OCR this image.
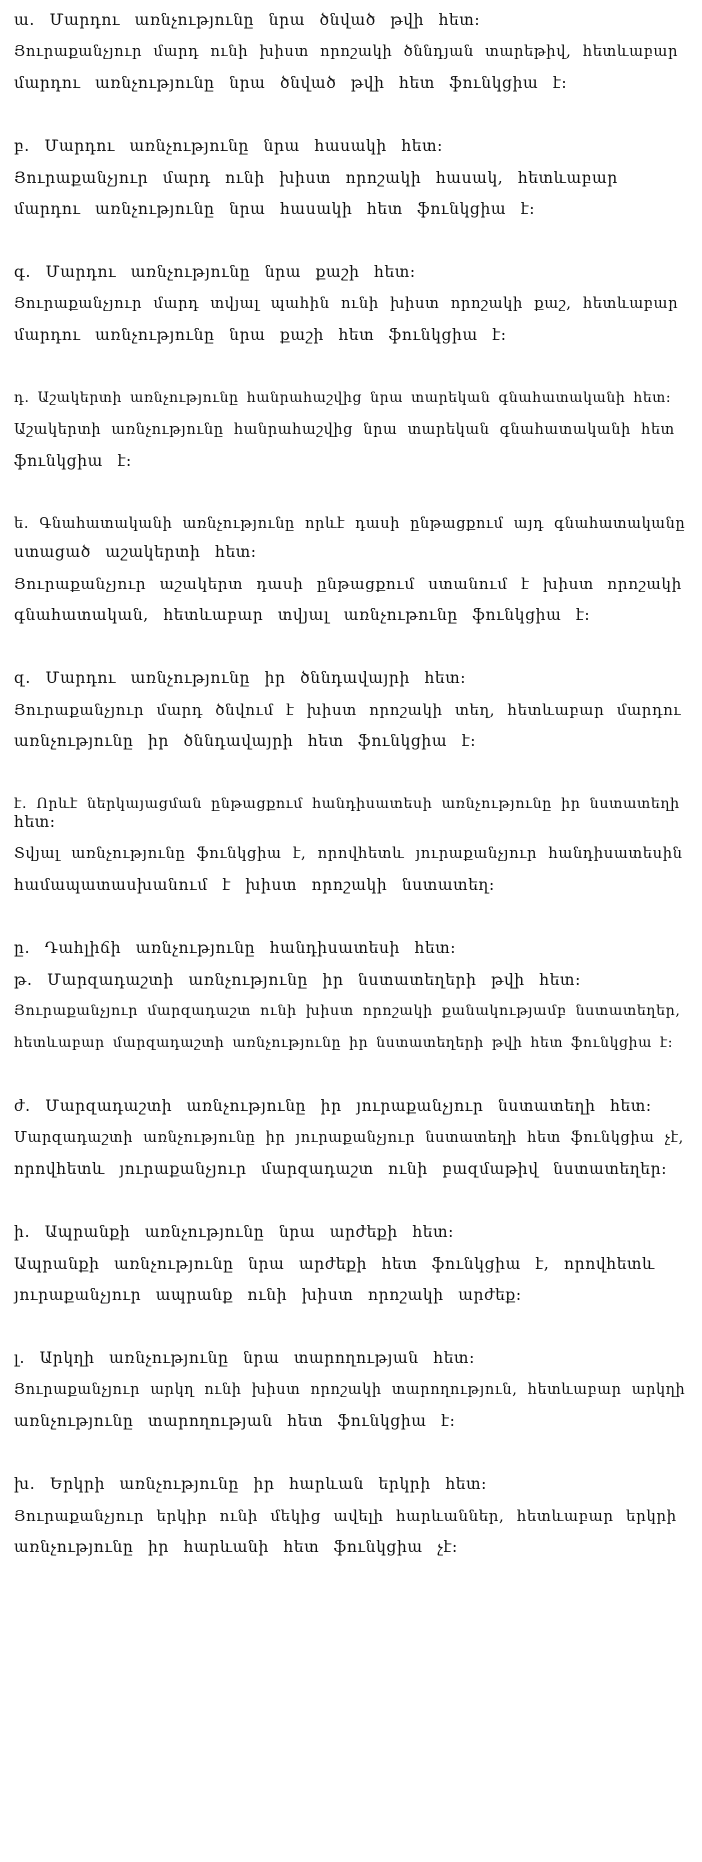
ա․ Մարդու առնչությունը նրա ծնված թվի հետ:
Յուրաքանչյուր մարդ ունի խիստ որոշակի ծննդյան տարեթիվ, հետևաբար
մարդու առնչությունը նրա ծնված թվի հետ ֆունկցիա է:
բ․ Մարդու առնչությունը նրա հասակի հետ:
Յուրաքանչյուր մարդ ունի խիստ որոշակի հասակ, հետևաբար
մարդու առնչությունը նրա հասակի հետ ֆունկցիա է:
գ․ Մարդու առնչությունը նրա քաշի հետ:
Յուրաքանչյուր մարդ տվյալ պահին ունի խիստ որոշակի քաշ, հետևաբար
մարդու առնչությունը նրա քաշի հետ ֆունկցիա է:
դ․ Աշակերտի առնչությունը հանրահաշվից նրա տարեկան գնահատականի հետ:
Աշակերտի առնչությունը հանրահաշվից նրա տարեկան գնահատականի հետ
ֆունկցիա է:
ե․ Գնահատականի առնչությունը որևէ դասի ընթացքում այդ գնահատականը
ստացած աշակերտի հետ:
Յուրաքանչյուր աշակերտ դասի ընթացքում ստանում է խիստ որոշակի
գնահատական, հետևաբար տվյալ առնչութունը ֆունկցիա է:
զ․ Մարդու առնչությունը իր ծննդավայրի հետ:
Յուրաքանչյուր մարդ ծնվում է խիստ որոշակի տեղ, հետևաբար մարդու
առնչությունը իր ծննդավայրի հետ ֆունկցիա է:
է․ Որևէ ներկայացման ընթացքում հանդիսատեսի առնչությունը իր նստատեղի
հետ:
Տվյալ առնչությունը ֆունկցիա է, որովհետև յուրաքանչյուր հանդիսատեսին
համապատասխանում է խիստ որոշակի նստատեղ:
ը․ Դահլիճի առնչությունը հանդիսատեսի հետ:
թ․ Մարզադաշտի առնչությունը իր նստատեղերի թվի հետ:
Յուրաքանչյուր մարզադաշտ ունի խիստ որոշակի քանակությամբ նստատեղեր,
հետևաբար մարզադաշտի առնչությունը իր նստատեղերի թվի հետ ֆունկցիա է:
ժ․ Մարզադաշտի առնչությունը իր յուրաքանչյուր նստատեղի հետ:
Մարզադաշտի առնչությունը իր յուրաքանչյուր նստատեղի հետ ֆունկցիա չէ,
որովհետև յուրաքանչյուր մարզադաշտ ունի բազմաթիվ նստատեղեր:
ի․ Ապրանքի առնչությունը նրա արժեքի հետ:
Ապրանքի առնչությունը նրա արժեքի հետ ֆունկցիա է, որովհետև
յուրաքանչյուր ապրանք ունի խիստ որոշակի արժեք:
լ․ Արկղի առնչությունը նրա տարողության հետ:
Յուրաքանչյուր արկղ ունի խիստ որոշակի տարողություն, հետևաբար արկղի
առնչությունը տարողության հետ ֆունկցիա է:
խ․ Երկրի առնչությունը իր հարևան երկրի հետ:
Յուրաքանչյուր երկիր ունի մեկից ավելի հարևաններ, հետևաբար երկրի
առնչությունը իր հարևանի հետ ֆունկցիա չէ:
